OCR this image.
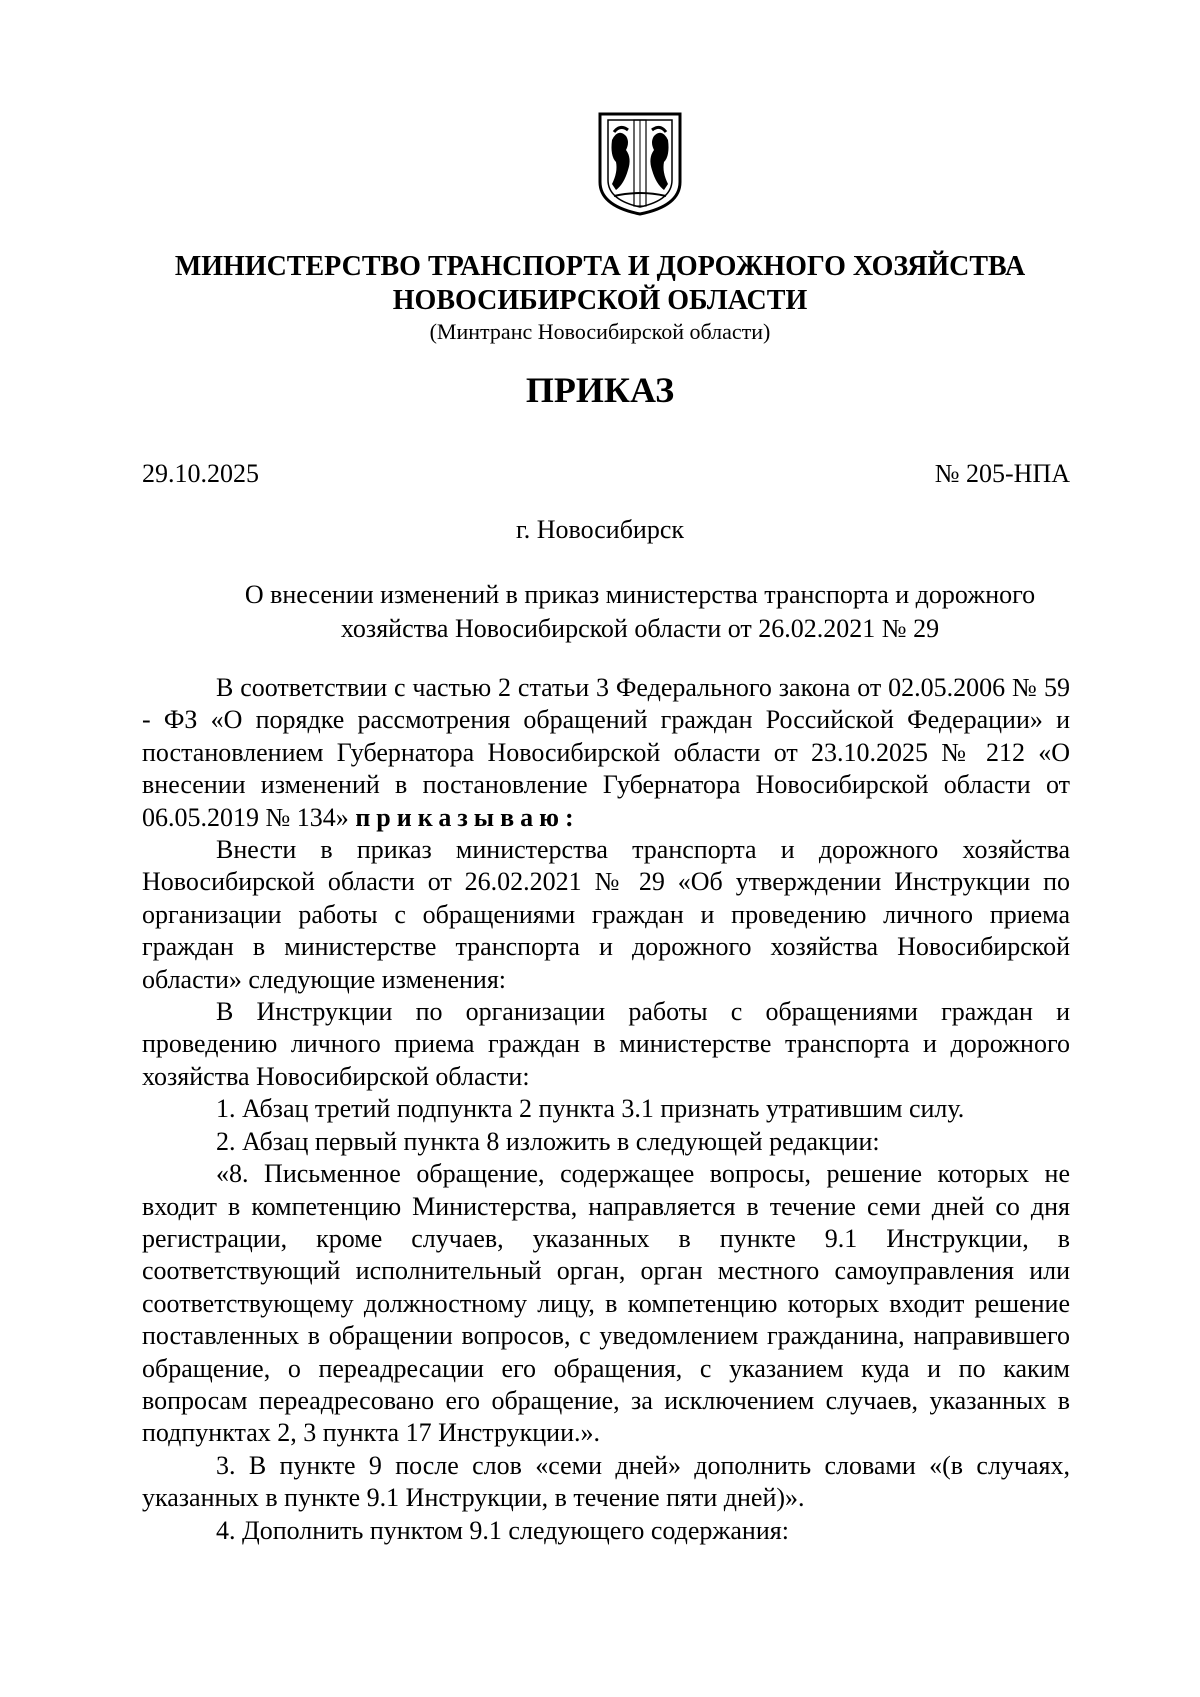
МИНИСТЕРСТВО ТРАНСПОРТА И ДОРОЖНОГО ХОЗЯЙСТВА
НОВОСИБИРСКОЙ ОБЛАСТИ
(Минтранс Новосибирской области)
ПРИКАЗ
29.10.2025	№ 205-НПА
г. Новосибирск
О внесении изменений в приказ министерства транспорта и дорожного
хозяйства Новосибирской области от 26.02.2021 № 29

В соответствии с частью 2 статьи 3 Федерального закона от 02.05.2006 № 59 - ФЗ «О порядке рассмотрения обращений граждан Российской Федерации» и постановлением Губернатора Новосибирской области от 23.10.2025 № 212 «О внесении изменений в постановление Губернатора Новосибирской области от 06.05.2019 № 134» приказываю:

Внести в приказ министерства транспорта и дорожного хозяйства Новосибирской области от 26.02.2021 № 29 «Об утверждении Инструкции по организации работы с обращениями граждан и проведению личного приема граждан в министерстве транспорта и дорожного хозяйства Новосибирской области» следующие изменения:

В Инструкции по организации работы с обращениями граждан и проведению личного приема граждан в министерстве транспорта и дорожного хозяйства Новосибирской области:

1. Абзац третий подпункта 2 пункта 3.1 признать утратившим силу.

2. Абзац первый пункта 8 изложить в следующей редакции:

«8. Письменное обращение, содержащее вопросы, решение которых не входит в компетенцию Министерства, направляется в течение семи дней со дня регистрации, кроме случаев, указанных в пункте 9.1 Инструкции, в соответствующий исполнительный орган, орган местного самоуправления или соответствующему должностному лицу, в компетенцию которых входит решение поставленных в обращении вопросов, с уведомлением гражданина, направившего обращение, о переадресации его обращения, с указанием куда и по каким вопросам переадресовано его обращение, за исключением случаев, указанных в подпунктах 2, 3 пункта 17 Инструкции.».

3. В пункте 9 после слов «семи дней» дополнить словами «(в случаях, указанных в пункте 9.1 Инструкции, в течение пяти дней)».

4. Дополнить пунктом 9.1 следующего содержания:
